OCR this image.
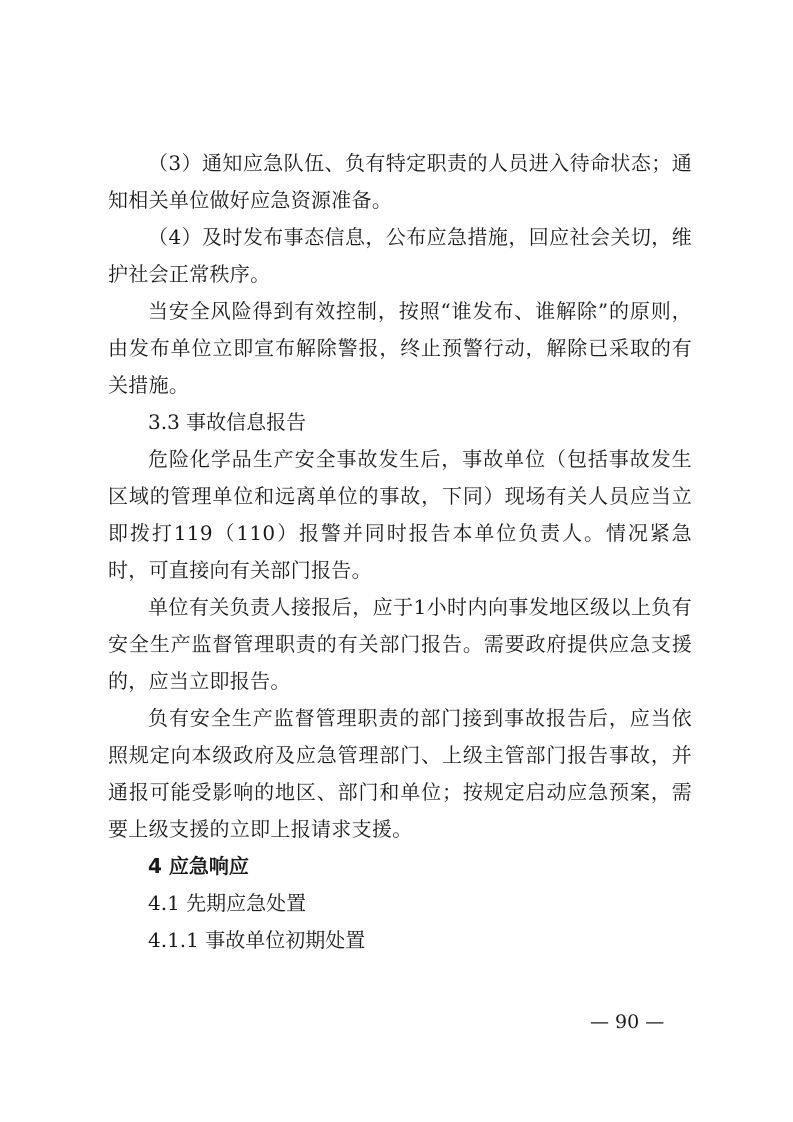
（3）通知应急队伍、负有特定职责的人员进入待命状态；通知相关单位做好应急资源准备。

（4）及时发布事态信息，公布应急措施，回应社会关切，维护社会正常秩序。

当安全风险得到有效控制，按照“谁发布、谁解除”的原则，由发布单位立即宣布解除警报，终止预警行动，解除已采取的有关措施。

3.3 事故信息报告

危险化学品生产安全事故发生后，事故单位（包括事故发生区域的管理单位和远离单位的事故，下同）现场有关人员应当立即拨打119（110）报警并同时报告本单位负责人。情况紧急时，可直接向有关部门报告。

单位有关负责人接报后，应于1小时内向事发地区级以上负有安全生产监督管理职责的有关部门报告。需要政府提供应急支援的，应当立即报告。

负有安全生产监督管理职责的部门接到事故报告后，应当依照规定向本级政府及应急管理部门、上级主管部门报告事故，并通报可能受影响的地区、部门和单位；按规定启动应急预案，需要上级支援的立即上报请求支援。

4 应急响应

4.1 先期应急处置

4.1.1 事故单位初期处置

— 90 —
